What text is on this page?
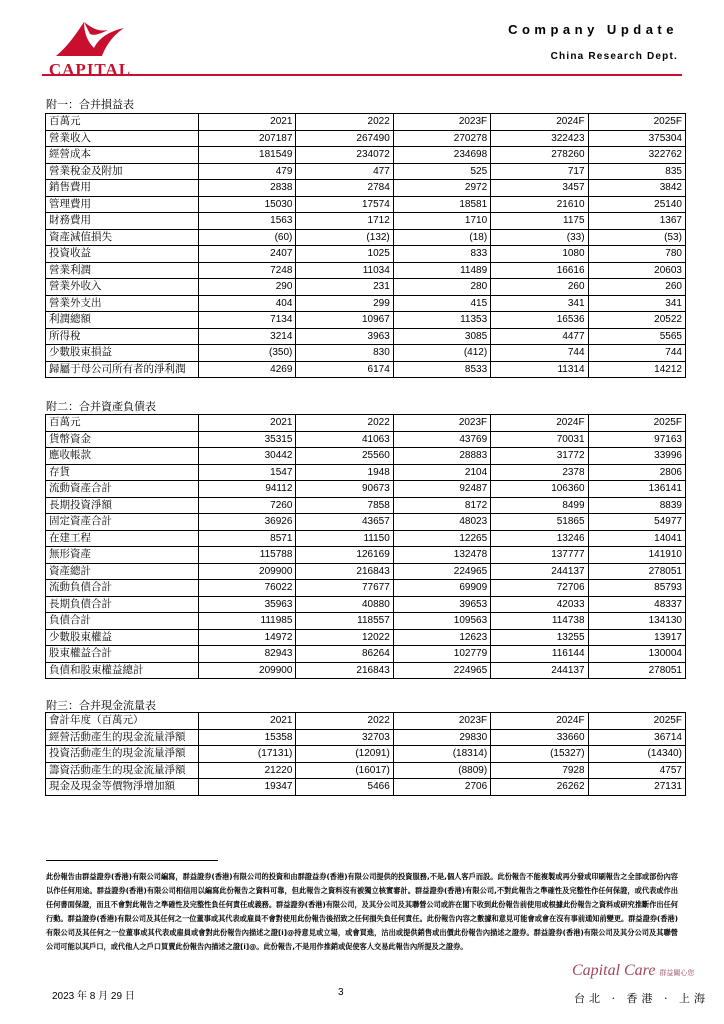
CAPITAL
Company Update
China Research Dept.
附一：合并損益表
百萬元	2021	2022	2023F	2024F	2025F
營業收入	207187	267490	270278	322423	375304
經營成本	181549	234072	234698	278260	322762
營業稅金及附加	479	477	525	717	835
銷售費用	2838	2784	2972	3457	3842
管理費用	15030	17574	18581	21610	25140
財務費用	1563	1712	1710	1175	1367
資產減值損失	(60)	(132)	(18)	(33)	(53)
投資收益	2407	1025	833	1080	780
營業利潤	7248	11034	11489	16616	20603
營業外收入	290	231	280	260	260
營業外支出	404	299	415	341	341
利潤總額	7134	10967	11353	16536	20522
所得稅	3214	3963	3085	4477	5565
少數股東損益	(350)	830	(412)	744	744
歸屬于母公司所有者的淨利潤	4269	6174	8533	11314	14212
附二：合并資產負債表
百萬元	2021	2022	2023F	2024F	2025F
貨幣資金	35315	41063	43769	70031	97163
應收帳款	30442	25560	28883	31772	33996
存貨	1547	1948	2104	2378	2806
流動資產合計	94112	90673	92487	106360	136141
長期投資淨額	7260	7858	8172	8499	8839
固定資產合計	36926	43657	48023	51865	54977
在建工程	8571	11150	12265	13246	14041
無形資產	115788	126169	132478	137777	141910
資產總計	209900	216843	224965	244137	278051
流動負債合計	76022	77677	69909	72706	85793
長期負債合計	35963	40880	39653	42033	48337
負債合計	111985	118557	109563	114738	134130
少數股東權益	14972	12022	12623	13255	13917
股東權益合計	82943	86264	102779	116144	130004
負債和股東權益總計	209900	216843	224965	244137	278051
附三：合并現金流量表
會計年度（百萬元）	2021	2022	2023F	2024F	2025F
經營活動產生的現金流量淨額	15358	32703	29830	33660	36714
投資活動產生的現金流量淨額	(17131)	(12091)	(18314)	(15327)	(14340)
籌資活動產生的現金流量淨額	21220	(16017)	(8809)	7928	4757
現金及現金等價物淨增加額	19347	5466	2706	26262	27131
此份報告由群益證券(香港)有限公司編寫，群益證券(香港)有限公司的投資和由群證益券(香港)有限公司提供的投資服務,不是,個人客戶而設。此份報告不能複製或再分發或印刷報告之全部或部份內容以作任何用途。群益證券(香港)有限公司相信用以編寫此份報告之資料可靠，但此報告之資料沒有被獨立核實審計。群益證券(香港)有限公司,不對此報告之準確性及完整性作任何保證，或代表或作出任何書面保證，而且不會對此報告之準確性及完整性負任何責任或義務。群益證券(香港)有限公司，及其分公司及其聯營公司或許在閣下收到此份報告前使用或根據此份報告之資料或研究推斷作出任何行動。群益證券(香港)有限公司及其任何之一位董事或其代表或雇員不會對使用此份報告後招致之任何損失負任何責任。此份報告內容之數據和意見可能會或會在沒有事前通知前變更。群益證券(香港)有限公司及其任何之一位董事或其代表或雇員或會對此份報告內描述之證[i]@持意見或立場，或會買進，沽出或提供銷售或出價此份報告內描述之證券。群益證券(香港)有限公司及其分公司及其聯營公司可能以其戶口，或代他人之戶口買賣此份報告內描述之證[i]@。此份報告,不是用作推銷或促使客人交易此報告內所提及之證券。
Capital Care 群益關心您
2023 年 8 月 29 日	3	台北 · 香港 · 上海
